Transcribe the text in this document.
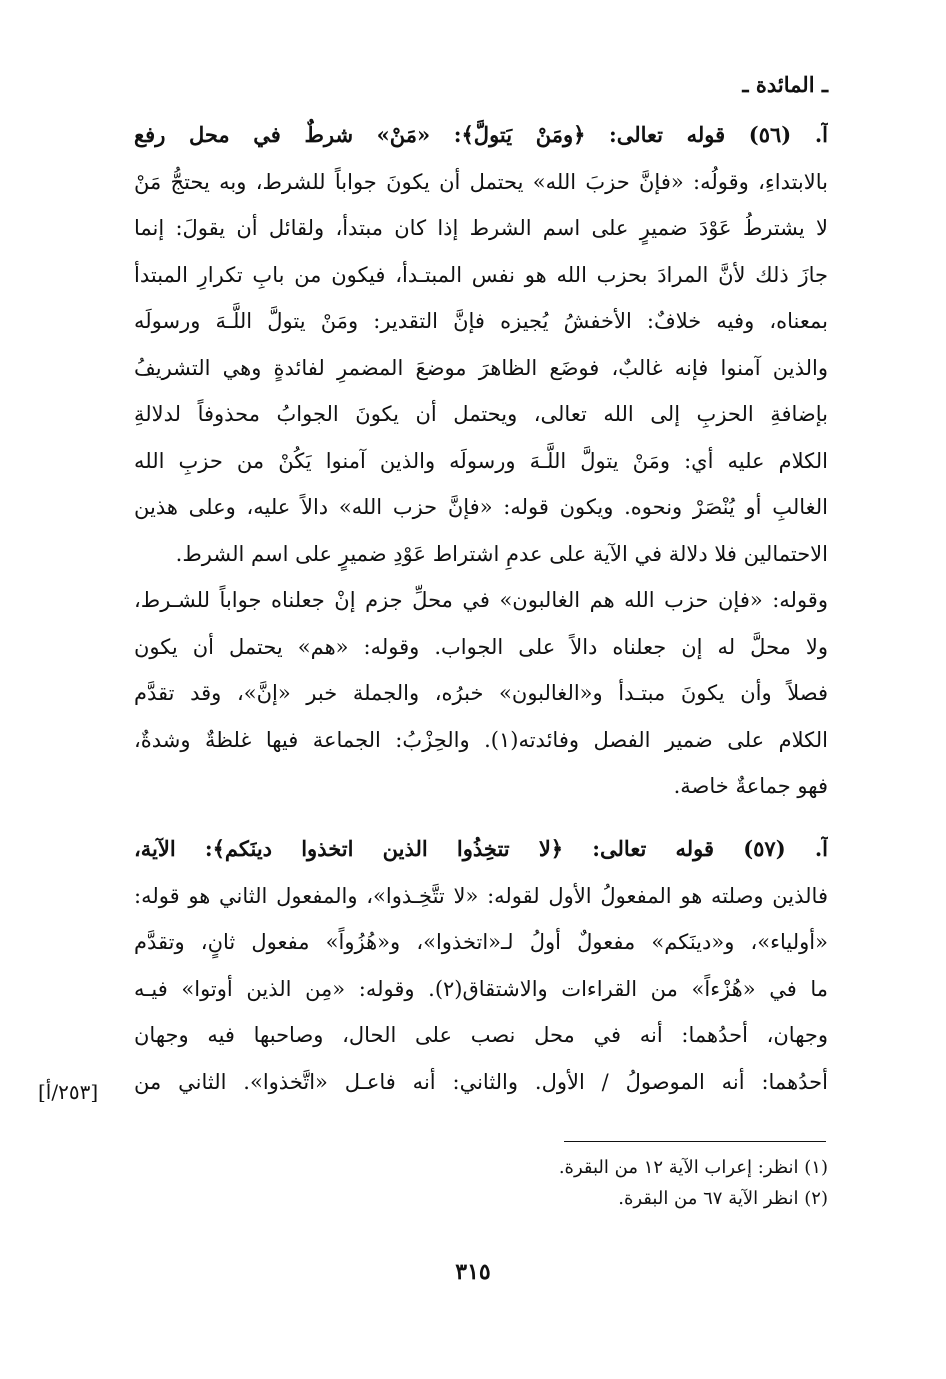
ـ المائدة ـ
آ. (٥٦) قوله تعالى: ﴿ومَنْ يَتولَّ﴾: «مَنْ» شرطٌ في محل رفع
بالابتداءِ، وقولُه: «فإنَّ حزبَ الله» يحتمل أن يكونَ جواباً للشرط، وبه يحتجُّ مَنْ
لا يشترطُ عَوْدَ ضميرٍ على اسم الشرط إذا كان مبتدأ، ولقائل أن يقولَ: إنما
جازَ ذلك لأنَّ المرادَ بحزب الله هو نفس المبتـدأ، فيكون من بابِ تكرارِ المبتدأ
بمعناه، وفيه خلافٌ: الأخفشُ يُجيزه فإنَّ التقدير: ومَنْ يتولَّ اللَّـهَ ورسولَه
والذين آمنوا فإنه غالبٌ، فوضَع الظاهرَ موضعَ المضمرِ لفائدةٍ وهي التشريفُ
بإضافةِ الحزبِ إلى الله تعالى، ويحتمل أن يكونَ الجوابُ محذوفاً لدلالةِ
الكلام عليه أي: ومَنْ يتولَّ اللَّـهَ ورسولَه والذين آمنوا يَكُنْ من حزبِ الله
الغالبِ أو يُنْصَرْ ونحوه. ويكون قوله: «فإنَّ حزب الله» دالاً عليه، وعلى هذين
الاحتمالين فلا دلالة في الآية على عدمِ اشتراط عَوْدِ ضميرٍ على اسم الشرط.
وقوله: «فإن حزب الله هم الغالبون» في محلِّ جزم إنْ جعلناه جواباً للشـرط،
ولا محلَّ له إن جعلناه دالاً على الجواب. وقوله: «هم» يحتمل أن يكون
فصلاً وأن يكونَ مبتـدأ و«الغالبون» خبرُه، والجملة خبر «إنَّ»، وقد تقدَّم
الكلام على ضمير الفصل وفائدته(١). والحِزْبُ: الجماعة فيها غلظةٌ وشدةٌ،
فهو جماعةٌ خاصة.
آ. (٥٧) قوله تعالى: ﴿لا تتخِذُوا الذين اتخذوا دينَكم﴾: الآية،
فالذين وصلته هو المفعولُ الأول لقوله: «لا تتَّخِـذوا»، والمفعول الثاني هو قوله:
«أولياء»، و«دينَكم» مفعولٌ أولُ لـ«اتخذوا»، و«هُزُواً» مفعول ثانٍ، وتقدَّم
ما في «هُزْءاً» من القراءات والاشتقاق(٢). وقوله: «مِن الذين أوتوا» فيـه
وجهان، أحدُهما: أنه في محل نصب على الحال، وصاحبها فيه وجهان
أحدُهما: أنه الموصولُ / الأول. والثاني: أنه فاعـل «اتَّخذوا». الثاني من
[٢٥٣/أ]
(١) انظر: إعراب الآية ١٢ من البقرة.
(٢) انظر الآية ٦٧ من البقرة.
٣١٥
